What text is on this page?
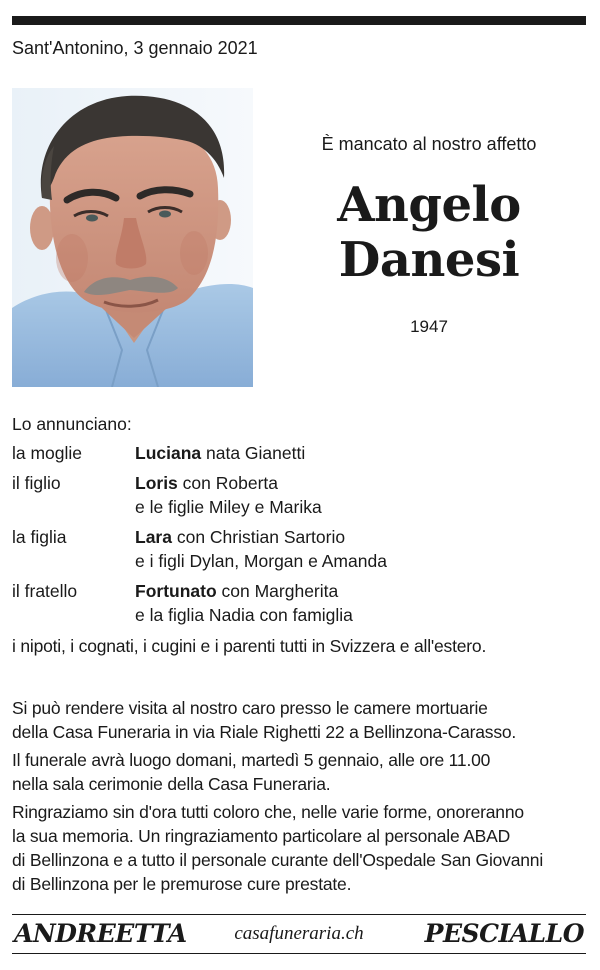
Sant'Antonino, 3 gennaio 2021
È mancato al nostro affetto
Angelo
Danesi
1947
Lo annunciano:
la moglie	Luciana nata Gianetti
il figlio	Loris con Roberta
e le figlie Miley e Marika
la figlia	Lara con Christian Sartorio
e i figli Dylan, Morgan e Amanda
il fratello	Fortunato con Margherita
e la figlia Nadia con famiglia
i nipoti, i cognati, i cugini e i parenti tutti in Svizzera e all'estero.

Si può rendere visita al nostro caro presso le camere mortuarie
della Casa Funeraria in via Riale Righetti 22 a Bellinzona-Carasso.

Il funerale avrà luogo domani, martedì 5 gennaio, alle ore 11.00
nella sala cerimonie della Casa Funeraria.

Ringraziamo sin d'ora tutti coloro che, nelle varie forme, onoreranno
la sua memoria. Un ringraziamento particolare al personale ABAD
di Bellinzona e a tutto il personale curante dell'Ospedale San Giovanni
di Bellinzona per le premurose cure prestate.

ANDREETTA	casafuneraria.ch	PESCIALLO
